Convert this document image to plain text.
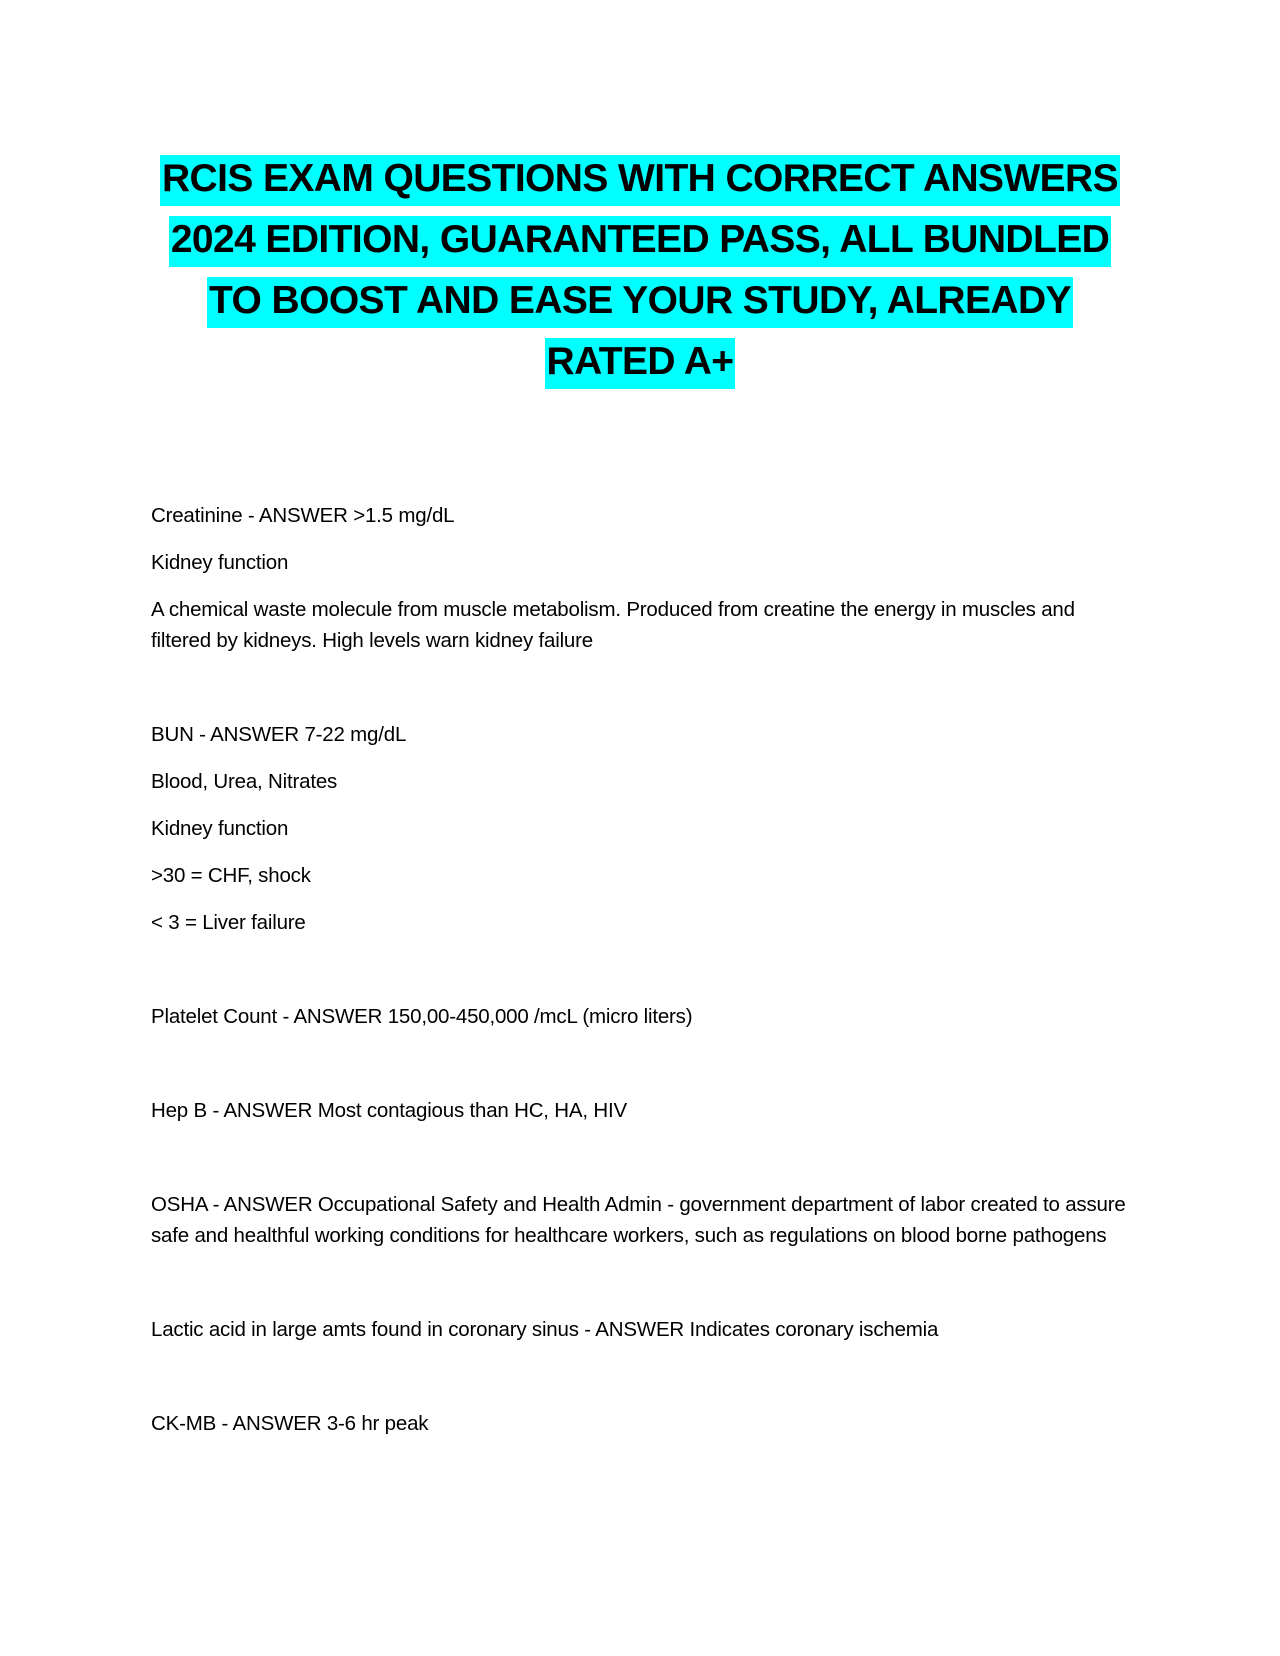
RCIS EXAM QUESTIONS WITH CORRECT ANSWERS 2024 EDITION, GUARANTEED PASS, ALL BUNDLED TO BOOST AND EASE YOUR STUDY, ALREADY RATED A+

Creatinine - ANSWER >1.5 mg/dL

Kidney function

A chemical waste molecule from muscle metabolism. Produced from creatine the energy in muscles and filtered by kidneys. High levels warn kidney failure

BUN - ANSWER 7-22 mg/dL

Blood, Urea, Nitrates

Kidney function

>30 = CHF, shock

< 3 = Liver failure

Platelet Count - ANSWER 150,00-450,000 /mcL (micro liters)

Hep B - ANSWER Most contagious than HC, HA, HIV

OSHA - ANSWER Occupational Safety and Health Admin - government department of labor created to assure safe and healthful working conditions for healthcare workers, such as regulations on blood borne pathogens

Lactic acid in large amts found in coronary sinus - ANSWER Indicates coronary ischemia

CK-MB - ANSWER 3-6 hr peak
